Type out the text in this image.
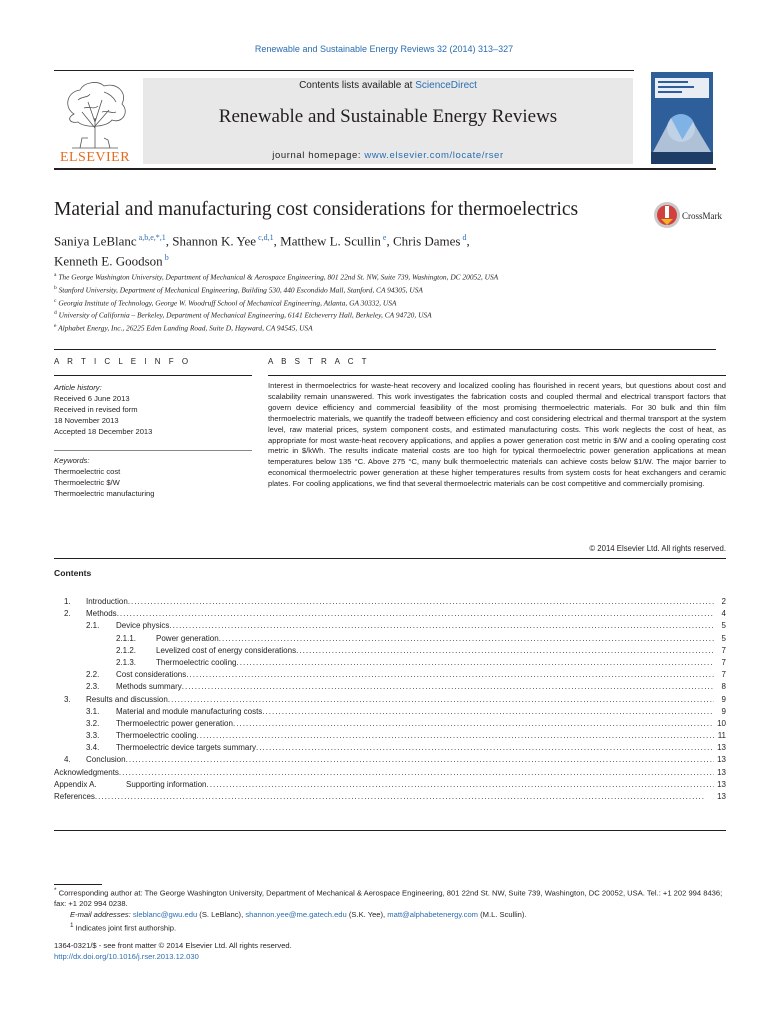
Renewable and Sustainable Energy Reviews 32 (2014) 313–327
ELSEVIER
Contents lists available at ScienceDirect
Renewable and Sustainable Energy Reviews
journal homepage: www.elsevier.com/locate/rser
Material and manufacturing cost considerations for thermoelectrics	CrossMark
Saniya LeBlanc $^{a,b,e,*,1}$, Shannon K. Yee $^{c,d,1}$, Matthew L. Scullin $^e$, Chris Dames $^d$,
Kenneth E. Goodson $^b$
$^a$ The George Washington University, Department of Mechanical & Aerospace Engineering, 801 22nd St. NW, Suite 739, Washington, DC 20052, USA
$^b$ Stanford University, Department of Mechanical Engineering, Building 530, 440 Escondido Mall, Stanford, CA 94305, USA
$^c$ Georgia Institute of Technology, George W. Woodruff School of Mechanical Engineering, Atlanta, GA 30332, USA
$^d$ University of California – Berkeley, Department of Mechanical Engineering, 6141 Etcheverry Hall, Berkeley, CA 94720, USA
$^e$ Alphabet Energy, Inc., 26225 Eden Landing Road, Suite D, Hayward, CA 94545, USA
A R T I C L E I N F O	A B S T R A C T
Article history:
Received 6 June 2013
Received in revised form
18 November 2013
Accepted 18 December 2013
Keywords:
Thermoelectric cost
Thermoelectric $/W
Thermoelectric manufacturing
Interest in thermoelectrics for waste-heat recovery and localized cooling has flourished in recent years, but questions about cost and scalability remain unanswered. This work investigates the fabrication costs and coupled thermal and electrical transport factors that govern device efficiency and commercial feasibility of the most promising thermoelectric materials. For 30 bulk and thin film thermoelectric materials, we quantify the tradeoff between efficiency and cost considering electrical and thermal transport at the system level, raw material prices, system component costs, and estimated manufacturing costs. This work neglects the cost of heat, as appropriate for most waste-heat recovery applications, and applies a power generation cost metric in $/W and a cooling operating cost metric in $/kWh. The results indicate material costs are too high for typical thermoelectric power generation applications at mean temperatures below 135 °C. Above 275 °C, many bulk thermoelectric materials can achieve costs below $1/W. The major barrier to economical thermoelectric power generation at these higher temperatures results from system costs for heat exchangers and ceramic plates. For cooling applications, we find that several thermoelectric materials can be cost competitive and commercially promising.
© 2014 Elsevier Ltd. All rights reserved.
Contents
1.	Introduction . . .	2
2.	Methods . . .	4
2.1.	Device physics . . .	5
2.1.1.	Power generation . . .	5
2.1.2.	Levelized cost of energy considerations . . .	7
2.1.3.	Thermoelectric cooling . . .	7
2.2.	Cost considerations . . .	7
2.3.	Methods summary . . .	8
3.	Results and discussion . . .	9
3.1.	Material and module manufacturing costs . . .	9
3.2.	Thermoelectric power generation . . .	10
3.3.	Thermoelectric cooling . . .	11
3.4.	Thermoelectric device targets summary . . .	13
4.	Conclusion . . .	13
Acknowledgments . . .	13
Appendix A.	Supporting information . . .	13
References . . .	13
* Corresponding author at: The George Washington University, Department of Mechanical & Aerospace Engineering, 801 22nd St. NW, Suite 739, Washington, DC 20052, USA. Tel.: +1 202 994 8436; fax: +1 202 994 0238.
E-mail addresses: sleblanc@gwu.edu (S. LeBlanc), shannon.yee@me.gatech.edu (S.K. Yee), matt@alphabetenergy.com (M.L. Scullin).
$^1$ Indicates joint first authorship.
1364-0321/$ - see front matter © 2014 Elsevier Ltd. All rights reserved.
http://dx.doi.org/10.1016/j.rser.2013.12.030
